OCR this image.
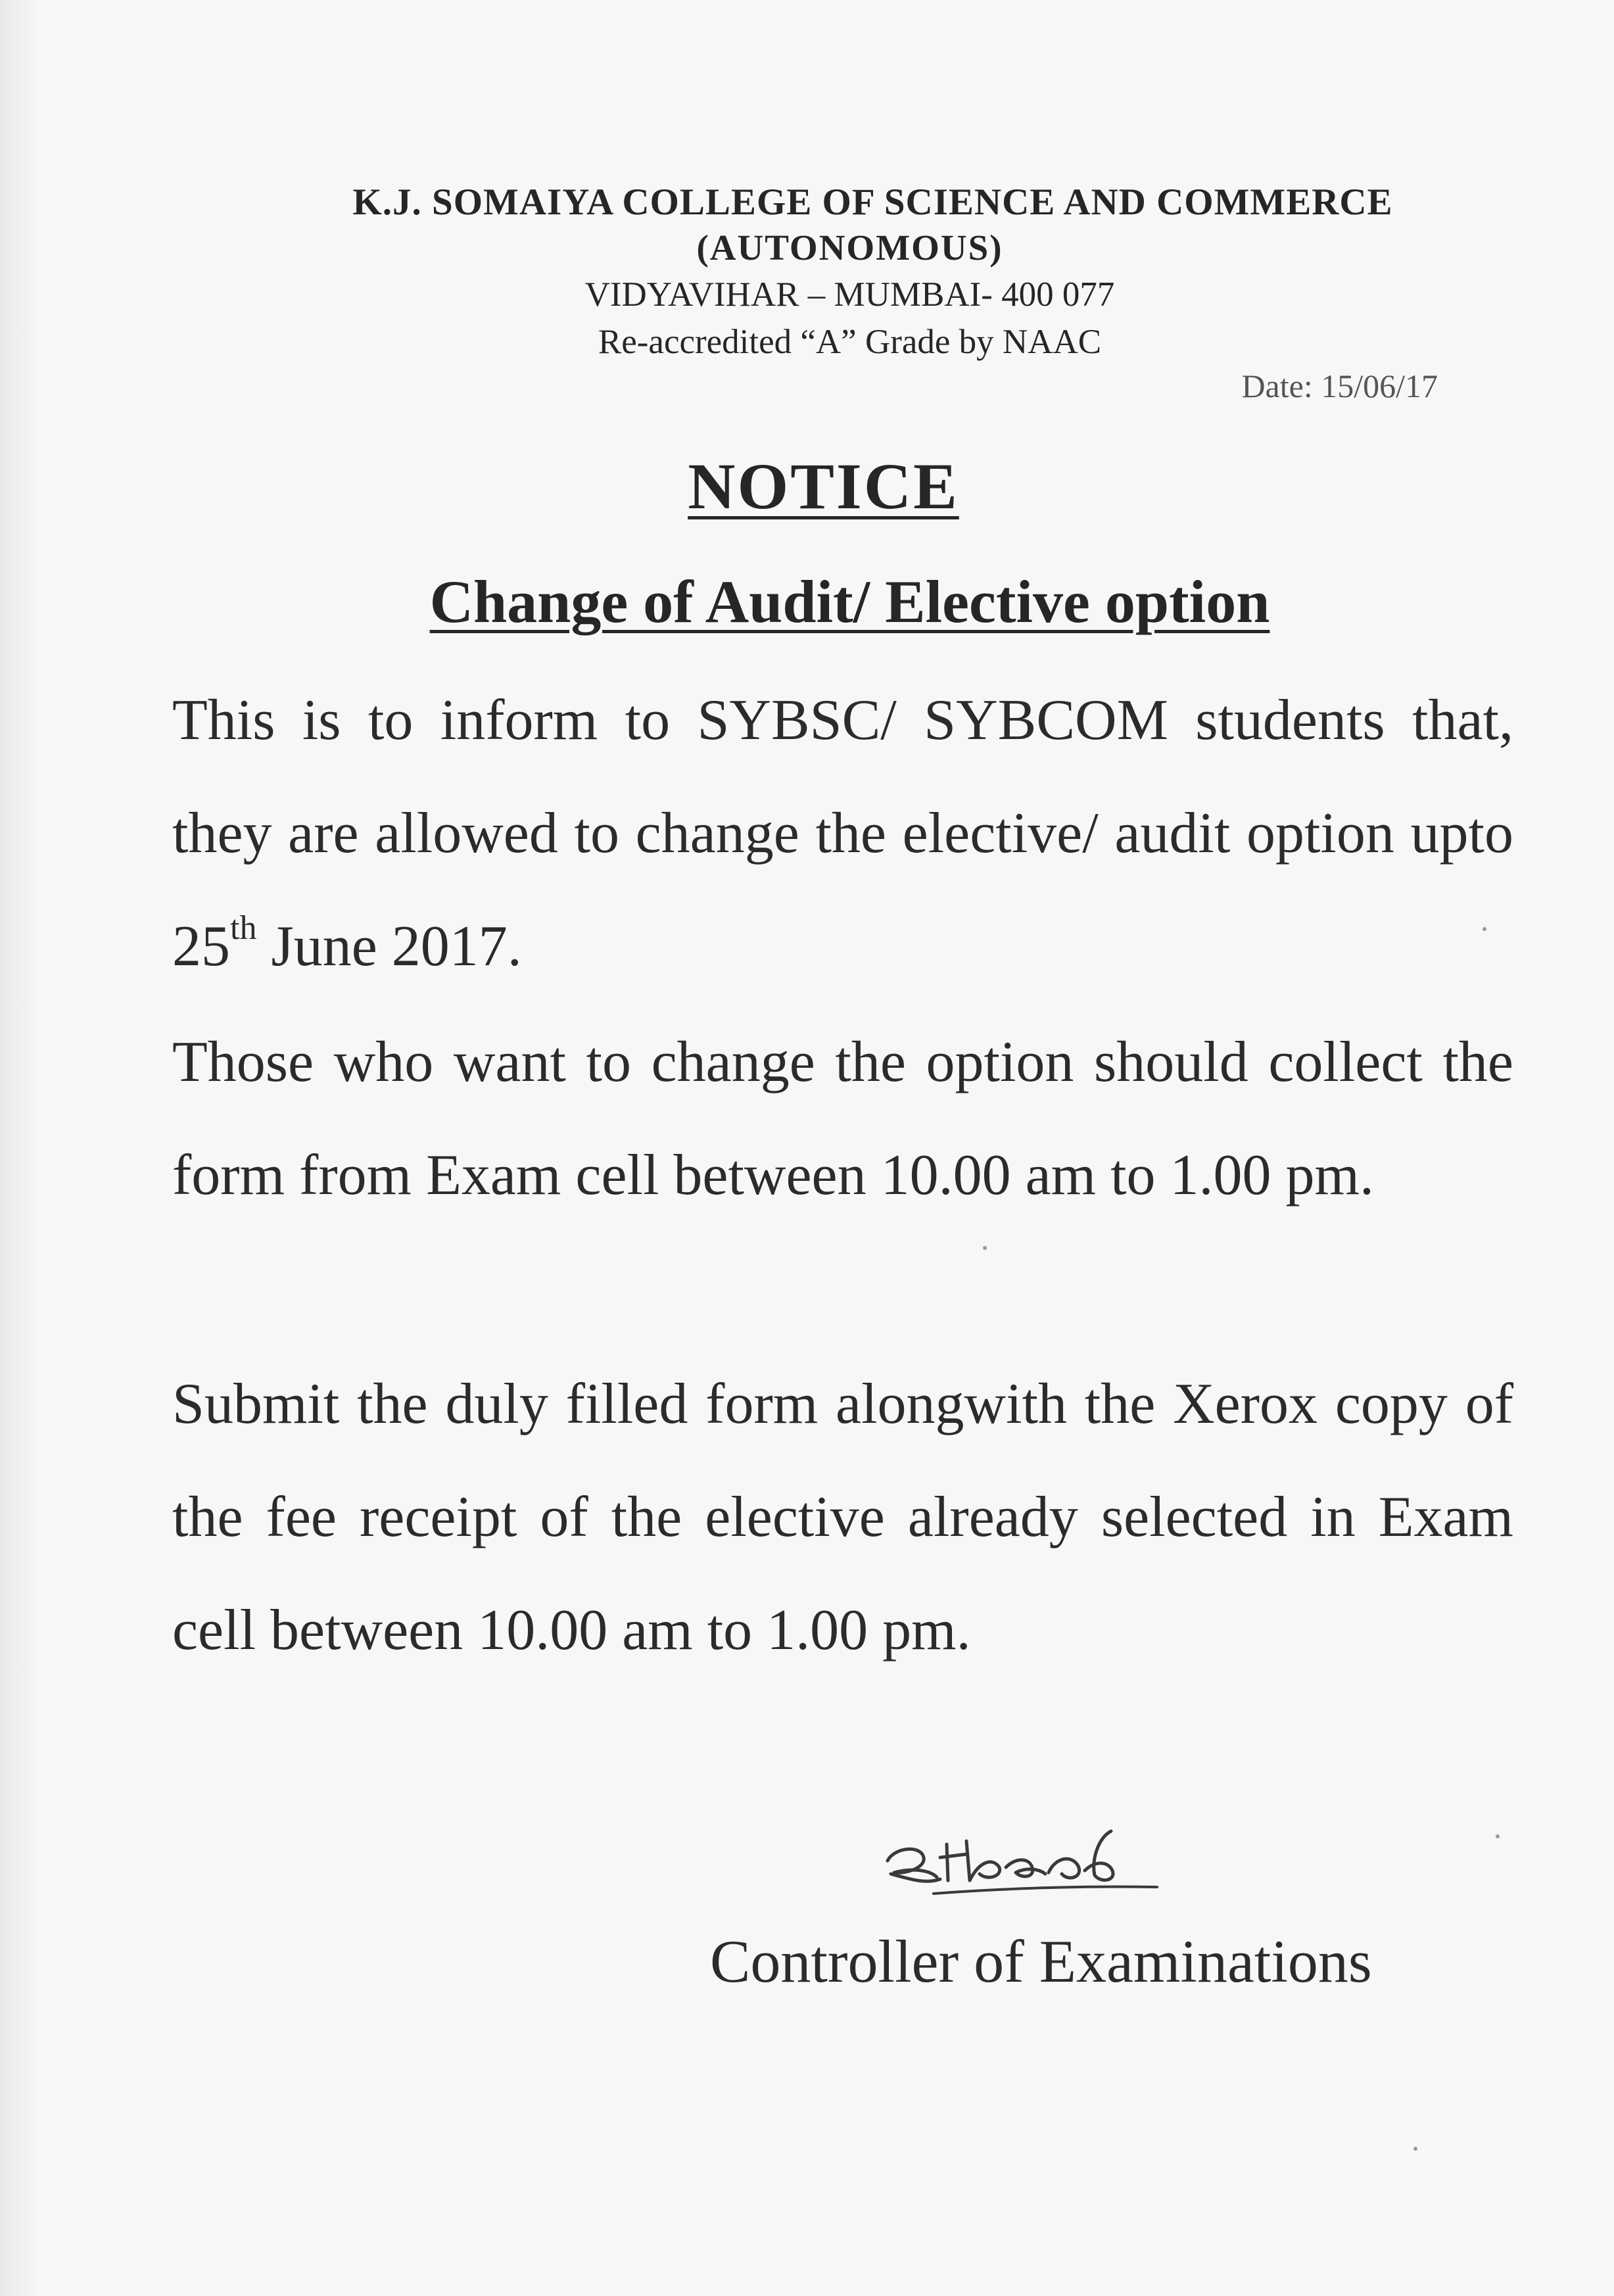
K.J. SOMAIYA COLLEGE OF SCIENCE AND COMMERCE
(AUTONOMOUS)
VIDYAVIHAR – MUMBAI- 400 077
Re-accredited “A” Grade by NAAC
Date: 15/06/17
NOTICE
Change of Audit/ Elective option

This is to inform to SYBSC/ SYBCOM students that, they are allowed to change the elective/ audit option upto 25th June 2017.

Those who want to change the option should collect the form from Exam cell between 10.00 am to 1.00 pm.

Submit the duly filled form alongwith the Xerox copy of the fee receipt of the elective already selected in Exam cell between 10.00 am to 1.00 pm.

Controller of Examinations
